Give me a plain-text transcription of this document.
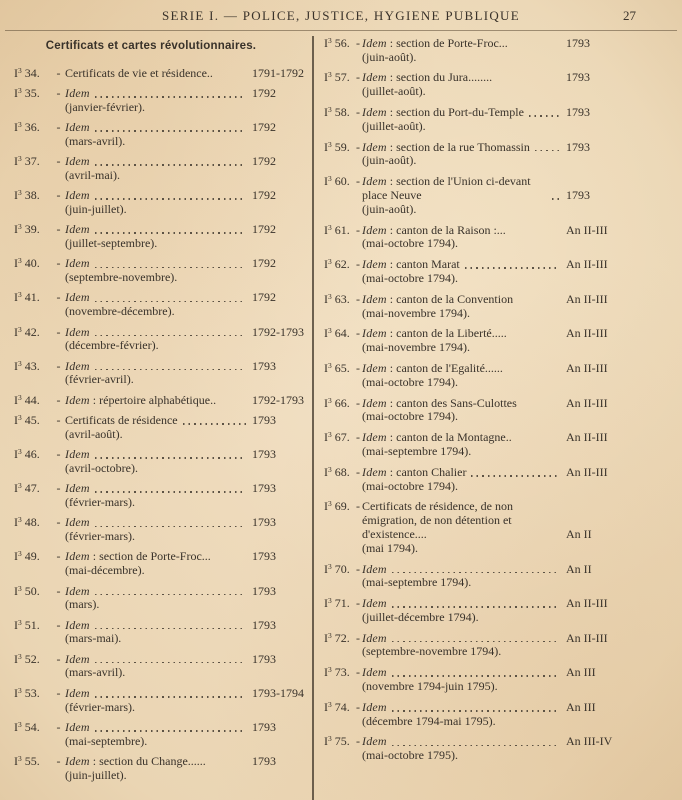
SERIE I. — POLICE, JUSTICE, HYGIENE PUBLIQUE	27
Certificats et cartes révolutionnaires.
$I^3$ 34.	- Certificats de vie et résidence..	1791-1792
$I^3$ 35.	- Idem	1792
(janvier-février).
$I^3$ 36.	- Idem	1792
(mars-avril).
$I^3$ 37.	- Idem	1792
(avril-mai).
$I^3$ 38.	- Idem	1792
(juin-juillet).
$I^3$ 39.	- Idem	1792
(juillet-septembre).
$I^3$ 40.	- Idem	1792
(septembre-novembre).
$I^3$ 41.	- Idem	1792
(novembre-décembre).
$I^3$ 42.	- Idem	1792-1793
(décembre-février).
$I^3$ 43.	- Idem	1793
(février-avril).
$I^3$ 44.	- Idem : répertoire alphabétique..	1792-1793
$I^3$ 45.	- Certificats de résidence	1793
(avril-août).
$I^3$ 46.	- Idem	1793
(avril-octobre).
$I^3$ 47.	- Idem	1793
(février-mars).
$I^3$ 48.	- Idem	1793
(février-mars).
$I^3$ 49.	- Idem : section de Porte-Froc...	1793
(mai-décembre).
$I^3$ 50.	- Idem	1793
(mars).
$I^3$ 51.	- Idem	1793
(mars-mai).
$I^3$ 52.	- Idem	1793
(mars-avril).
$I^3$ 53.	- Idem	1793-1794
(février-mars).
$I^3$ 54.	- Idem	1793
(mai-septembre).
$I^3$ 55.	- Idem : section du Change......	1793
(juin-juillet).
$I^3$ 56. - Idem : section de Porte-Froc...	1793
(juin-août).
$I^3$ 57. - Idem : section du Jura........	1793
(juillet-août).
$I^3$ 58. - Idem : section du Port-du-Temple	1793
(juillet-août).
$I^3$ 59. - Idem : section de la rue Thomassin	1793
(juin-août).
$I^3$ 60. - Idem : section de l'Union ci-devant place Neuve	1793
(juin-août).
$I^3$ 61. - Idem : canton de la Raison :...	An II-III
(mai-octobre 1794).
$I^3$ 62. - Idem : canton Marat	An II-III
(mai-octobre 1794).
$I^3$ 63. - Idem : canton de la Convention	An II-III
(mai-novembre 1794).
$I^3$ 64. - Idem : canton de la Liberté.....	An II-III
(mai-novembre 1794).
$I^3$ 65. - Idem : canton de l'Egalité......	An II-III
(mai-octobre 1794).
$I^3$ 66. - Idem : canton des Sans-Culottes	An II-III
(mai-octobre 1794).
$I^3$ 67. - Idem : canton de la Montagne..	An II-III
(mai-septembre 1794).
$I^3$ 68. - Idem : canton Chalier	An II-III
(mai-octobre 1794).
$I^3$ 69. - Certificats de résidence, de non émigration, de non détention et d'existence....	An II
(mai 1794).
$I^3$ 70. - Idem	An II
(mai-septembre 1794).
$I^3$ 71. - Idem	An II-III
(juillet-décembre 1794).
$I^3$ 72. - Idem	An II-III
(septembre-novembre 1794).
$I^3$ 73. - Idem	An III
(novembre 1794-juin 1795).
$I^3$ 74. - Idem	An III
(décembre 1794-mai 1795).
$I^3$ 75. - Idem	An III-IV
(mai-octobre 1795).
